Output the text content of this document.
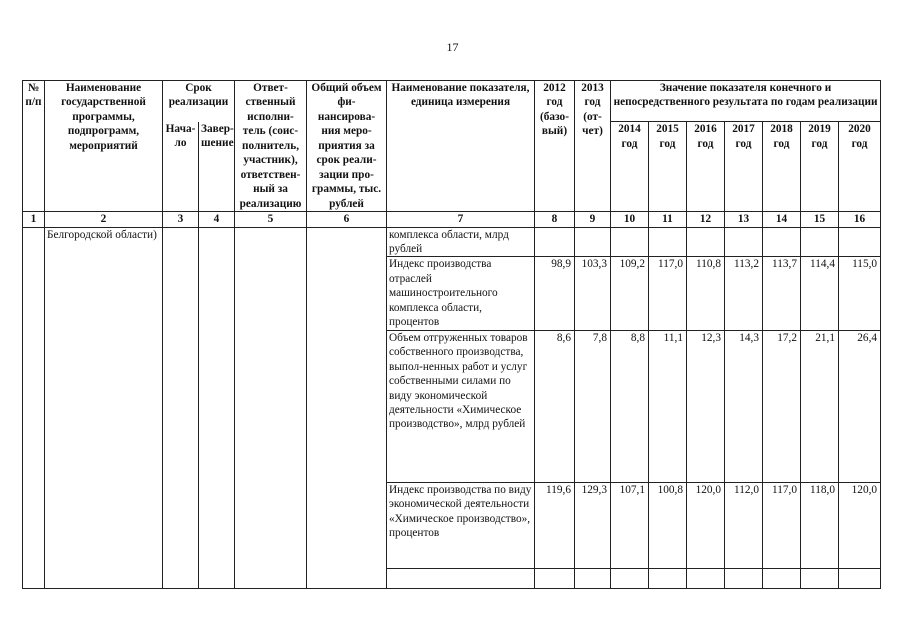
17
№ п/п	Наименование государственной программы, подпрограмм, мероприятий	Срок реализации		Ответ-ственный исполни-тель (соис-полнитель, участник), ответствен-ный за реализацию	Общий объем фи-нансирова-ния меро-приятия за срок реали-зации про-граммы, тыс. рублей	Наименование показателя, единица измерения	2012 год (базо-вый)	2013 год (от-чет)	Значение показателя конечного и непосредственного результата по годам реализации						
		Нача-ло	Завер-шение						2014 год	2015 год	2016 год	2017 год	2018 год	2019 год	2020 год
1	2	3	4	5	6	7	8	9	10	11	12	13	14	15	16
	Белгородской области)					комплекса области, млрд рублей									
						Индекс производства отраслей машиностроительного комплекса области, процентов	98,9	103,3	109,2	117,0	110,8	113,2	113,7	114,4	115,0
						Объем отгруженных товаров собственного производства, выпол-ненных работ и услуг собственными силами по виду экономической деятельности «Химическое производство», млрд рублей	8,6	7,8	8,8	11,1	12,3	14,3	17,2	21,1	26,4
						Индекс производства по виду экономической деятельности «Химическое производство», процентов	119,6	129,3	107,1	100,8	120,0	112,0	117,0	118,0	120,0
